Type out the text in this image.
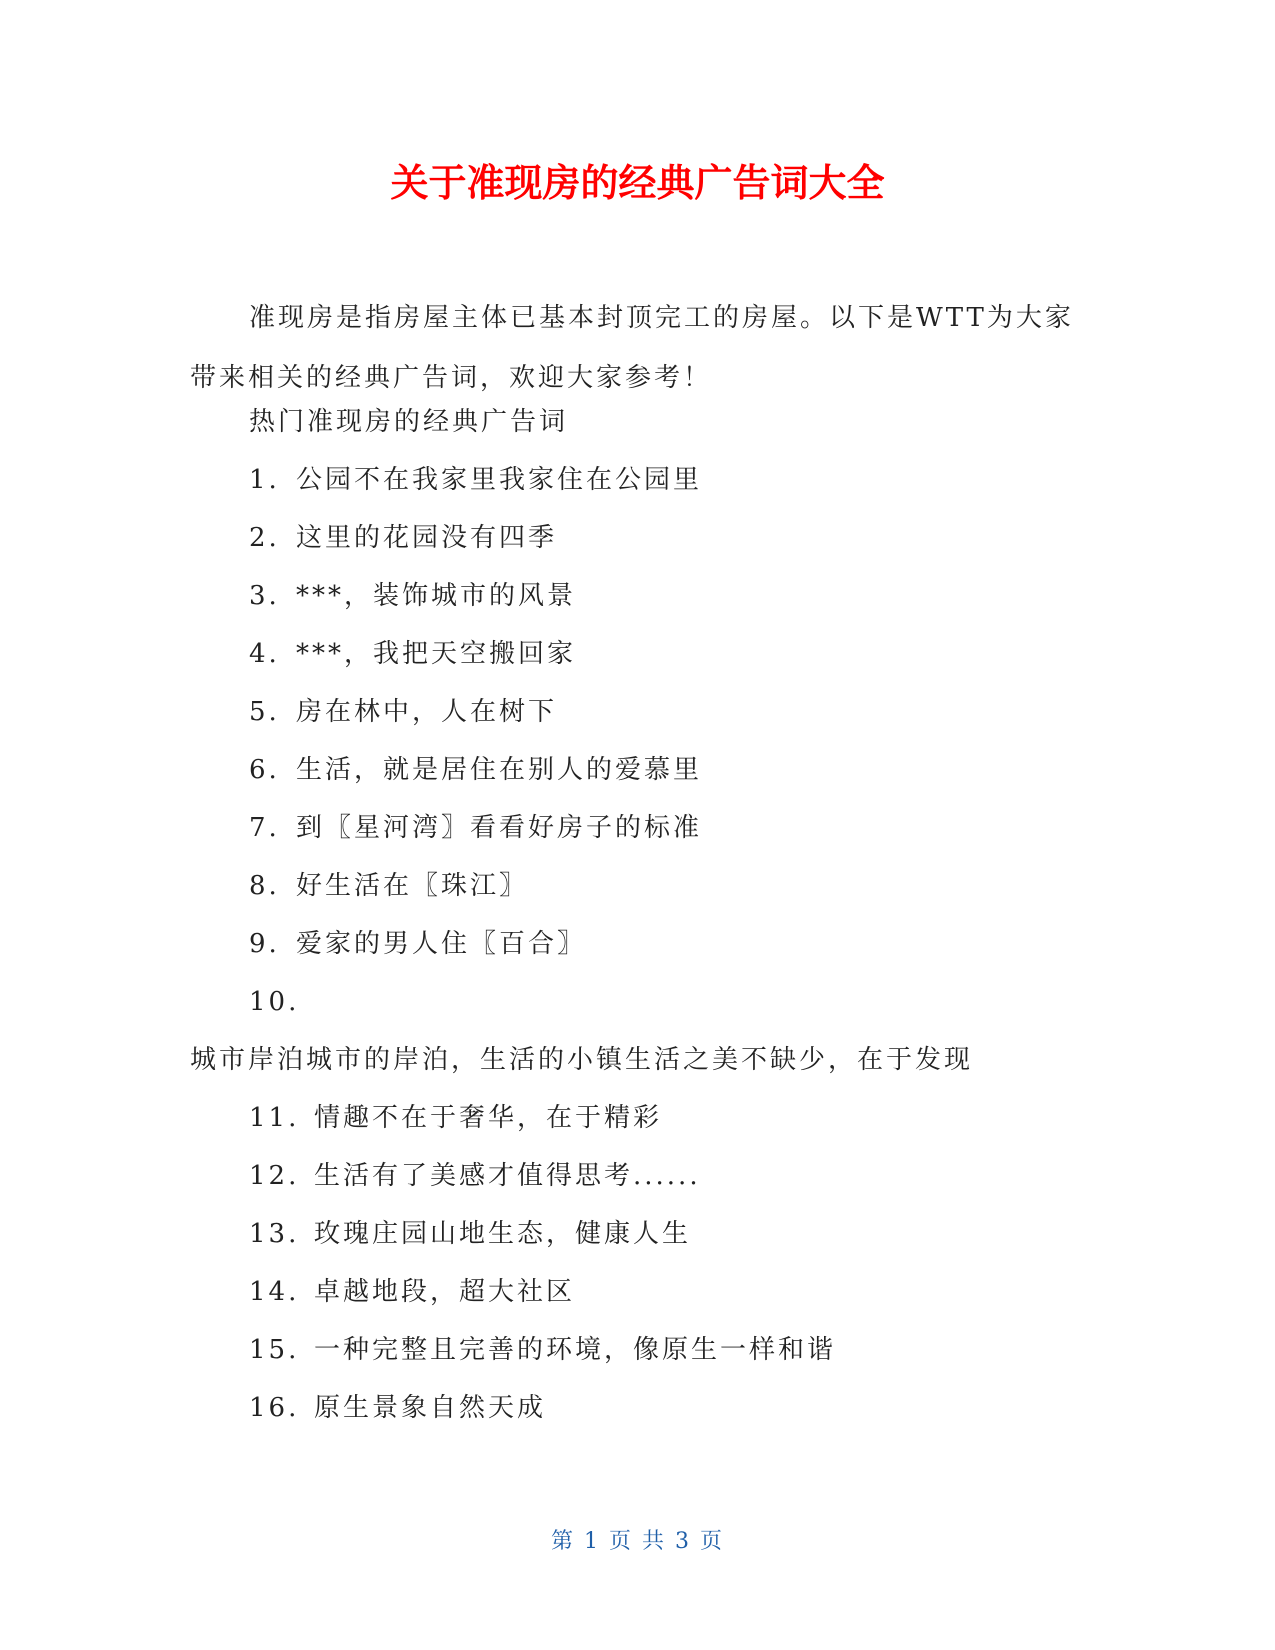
关于准现房的经典广告词大全
准现房是指房屋主体已基本封顶完工的房屋。以下是WTT为大家带来相关的经典广告词，欢迎大家参考！
热门准现房的经典广告词
1. 公园不在我家里我家住在公园里
2. 这里的花园没有四季
3. ***，装饰城市的风景
4. ***，我把天空搬回家
5. 房在林中，人在树下
6. 生活，就是居住在别人的爱慕里
7. 到〖星河湾〗看看好房子的标准
8. 好生活在〖珠江〗
9. 爱家的男人住〖百合〗
10.
城市岸泊城市的岸泊，生活的小镇生活之美不缺少，在于发现
11. 情趣不在于奢华，在于精彩
12. 生活有了美感才值得思考......
13. 玫瑰庄园山地生态，健康人生
14. 卓越地段，超大社区
15. 一种完整且完善的环境，像原生一样和谐
16. 原生景象自然天成
第 1 页 共 3 页
